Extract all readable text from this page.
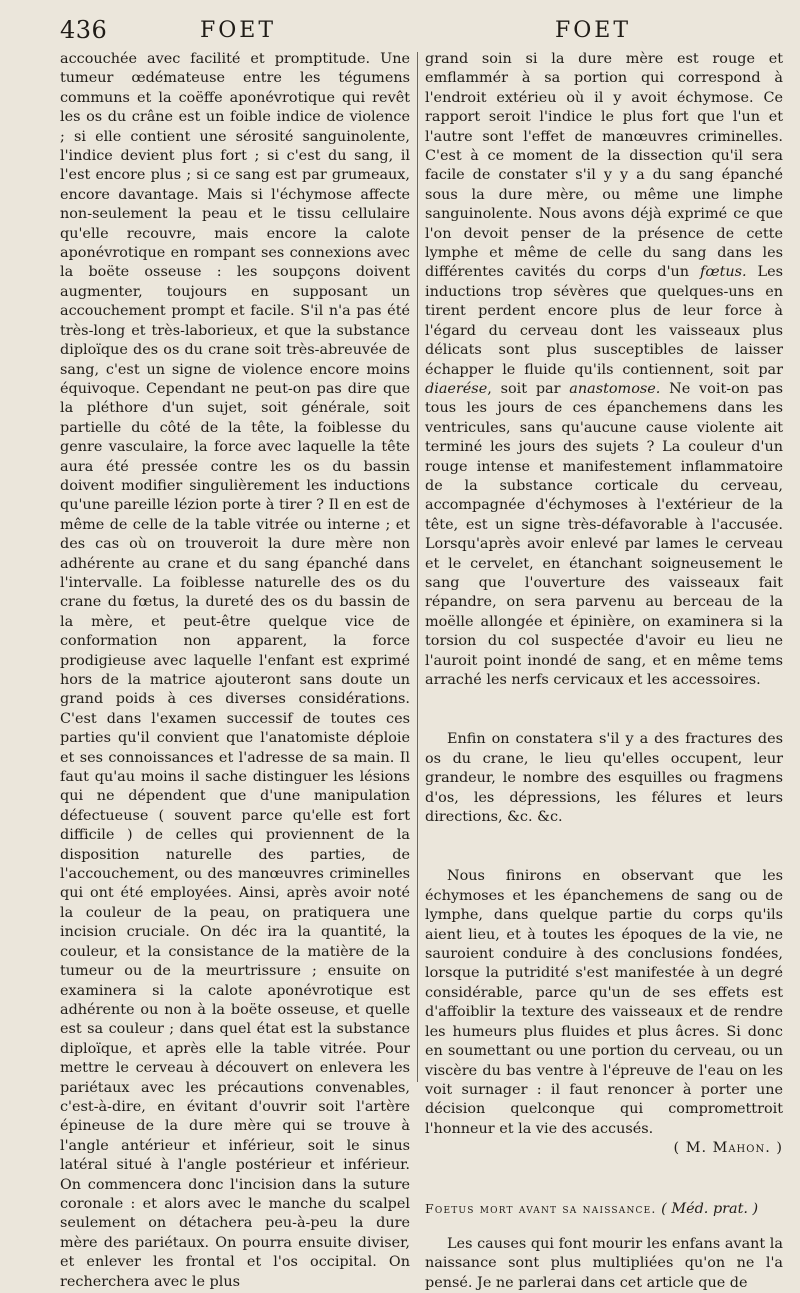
436	FOET	FOET

accouchée avec facilité et promptitude. Une tumeur œdémateuse entre les tégumens communs et la coëffe aponévrotique qui revêt les os du crâne est un foible indice de violence ; si elle contient une sérosité sanguinolente, l'indice devient plus fort ; si c'est du sang, il l'est encore plus ; si ce sang est par grumeaux, encore davantage. Mais si l'échymose affecte non-seulement la peau et le tissu cellulaire qu'elle recouvre, mais encore la calote aponévrotique en rompant ses connexions avec la boëte osseuse : les soupçons doivent augmenter, toujours en supposant un accouchement prompt et facile. S'il n'a pas été très-long et très-laborieux, et que la substance diploïque des os du crane soit très-abreuvée de sang, c'est un signe de violence encore moins équivoque. Cependant ne peut-on pas dire que la pléthore d'un sujet, soit générale, soit partielle du côté de la tête, la foiblesse du genre vasculaire, la force avec laquelle la tête aura été pressée contre les os du bassin doivent modifier singulièrement les inductions qu'une pareille lézion porte à tirer ? Il en est de même de celle de la table vitrée ou interne ; et des cas où on trouveroit la dure mère non adhérente au crane et du sang épanché dans l'intervalle. La foiblesse naturelle des os du crane du fœtus, la dureté des os du bassin de la mère, et peut-être quelque vice de conformation non apparent, la force prodigieuse avec laquelle l'enfant est exprimé hors de la matrice ajouteront sans doute un grand poids à ces diverses considérations. C'est dans l'examen successif de toutes ces parties qu'il convient que l'anatomiste déploie et ses connoissances et l'adresse de sa main. Il faut qu'au moins il sache distinguer les lésions qui ne dépendent que d'une manipulation défectueuse ( souvent parce qu'elle est fort difficile ) de celles qui proviennent de la disposition naturelle des parties, de l'accouchement, ou des manœuvres criminelles qui ont été employées. Ainsi, après avoir noté la couleur de la peau, on pratiquera une incision cruciale. On déc ira la quantité, la couleur, et la consistance de la matière de la tumeur ou de la meurtrissure ; ensuite on examinera si la calote aponévrotique est adhérente ou non à la boëte osseuse, et quelle est sa couleur ; dans quel état est la substance diploïque, et après elle la table vitrée. Pour mettre le cerveau à découvert on enlevera les pariétaux avec les précautions convenables, c'est-à-dire, en évitant d'ouvrir soit l'artère épineuse de la dure mère qui se trouve à l'angle antérieur et inférieur, soit le sinus latéral situé à l'angle postérieur et inférieur. On commencera donc l'incision dans la suture coronale : et alors avec le manche du scalpel seulement on détachera peu-à-peu la dure mère des pariétaux. On pourra ensuite diviser, et enlever les frontal et l'os occipital. On recherchera avec le plus

grand soin si la dure mère est rouge et emflammér à sa portion qui correspond à l'endroit extérieu où il y avoit échymose. Ce rapport seroit l'indice le plus fort que l'un et l'autre sont l'effet de manœuvres criminelles. C'est à ce moment de la dissection qu'il sera facile de constater s'il y y a du sang épanché sous la dure mère, ou même une limphe sanguinolente. Nous avons déjà exprimé ce que l'on devoit penser de la présence de cette lymphe et même de celle du sang dans les différentes cavités du corps d'un fœtus. Les inductions trop sévères que quelques-uns en tirent perdent encore plus de leur force à l'égard du cerveau dont les vaisseaux plus délicats sont plus susceptibles de laisser échapper le fluide qu'ils contiennent, soit par diaerése, soit par anastomose. Ne voit-on pas tous les jours de ces épanchemens dans les ventricules, sans qu'aucune cause violente ait terminé les jours des sujets ? La couleur d'un rouge intense et manifestement inflammatoire de la substance corticale du cerveau, accompagnée d'échymoses à l'extérieur de la tête, est un signe très-défavorable à l'accusée. Lorsqu'après avoir enlevé par lames le cerveau et le cervelet, en étanchant soigneusement le sang que l'ouverture des vaisseaux fait répandre, on sera parvenu au berceau de la moëlle allongée et épinière, on examinera si la torsion du col suspectée d'avoir eu lieu ne l'auroit point inondé de sang, et en même tems arraché les nerfs cervicaux et les accessoires.

Enfin on constatera s'il y a des fractures des os du crane, le lieu qu'elles occupent, leur grandeur, le nombre des esquilles ou fragmens d'os, les dépressions, les félures et leurs directions, &c. &c.

Nous finirons en observant que les échymoses et les épanchemens de sang ou de lymphe, dans quelque partie du corps qu'ils aient lieu, et à toutes les époques de la vie, ne sauroient conduire à des conclusions fondées, lorsque la putridité s'est manifestée à un degré considérable, parce qu'un de ses effets est d'affoiblir la texture des vaisseaux et de rendre les humeurs plus fluides et plus âcres. Si donc en soumettant ou une portion du cerveau, ou un viscère du bas ventre à l'épreuve de l'eau on les voit surnager : il faut renoncer à porter une décision quelconque qui compromettroit l'honneur et la vie des accusés.

( M. Mahon. )

Foetus mort avant sa naissance. ( Méd. prat. )

Les causes qui font mourir les enfans avant la naissance sont plus multipliées qu'on ne l'a pensé. Je ne parlerai dans cet article que de
